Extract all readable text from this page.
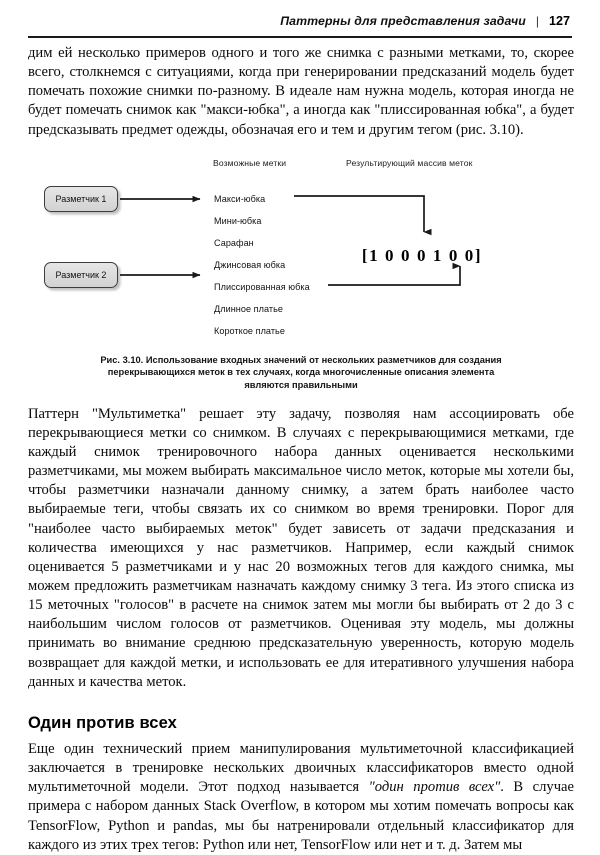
Паттерны для представления задачи | 127

дим ей несколько примеров одного и того же снимка с разными метками, то, скорее всего, столкнемся с ситуациями, когда при генерировании предсказаний модель будет помечать похожие снимки по-разному. В идеале нам нужна модель, которая иногда не будет помечать снимок как "макси-юбка", а иногда как "плиссированная юбка", а будет предсказывать предмет одежды, обозначая его и тем и другим тегом (рис. 3.10).

Возможные метки	Результирующий массив меток
Разметчик 1
Разметчик 2
Макси-юбка
Мини-юбка
Сарафан
Джинсовая юбка
Плиссированная юбка
Длинное платье
Короткое платье
[1 0 0 0 1 0 0]
Рис. 3.10. Использование входных значений от нескольких разметчиков для создания
перекрывающихся меток в тех случаях, когда многочисленные описания элемента
являются правильными

Паттерн "Мультиметка" решает эту задачу, позволяя нам ассоциировать обе перекрывающиеся метки со снимком. В случаях с перекрывающимися метками, где каждый снимок тренировочного набора данных оценивается несколькими разметчиками, мы можем выбирать максимальное число меток, которые мы хотели бы, чтобы разметчики назначали данному снимку, а затем брать наиболее часто выбираемые теги, чтобы связать их со снимком во время тренировки. Порог для "наиболее часто выбираемых меток" будет зависеть от задачи предсказания и количества имеющихся у нас разметчиков. Например, если каждый снимок оценивается 5 разметчиками и у нас 20 возможных тегов для каждого снимка, мы можем предложить разметчикам назначать каждому снимку 3 тега. Из этого списка из 15 меточных "голосов" в расчете на снимок затем мы могли бы выбирать от 2 до 3 с наибольшим числом голосов от разметчиков. Оценивая эту модель, мы должны принимать во внимание среднюю предсказательную уверенность, которую модель возвращает для каждой метки, и использовать ее для итеративного улучшения набора данных и качества меток.

Один против всех

Еще один технический прием манипулирования мультиметочной классификацией заключается в тренировке нескольких двоичных классификаторов вместо одной мультиметочной модели. Этот подход называется "один против всех". В случае примера с набором данных Stack Overflow, в котором мы хотим помечать вопросы как TensorFlow, Python и pandas, мы бы натренировали отдельный классификатор для каждого из этих трех тегов: Python или нет, TensorFlow или нет и т. д. Затем мы
